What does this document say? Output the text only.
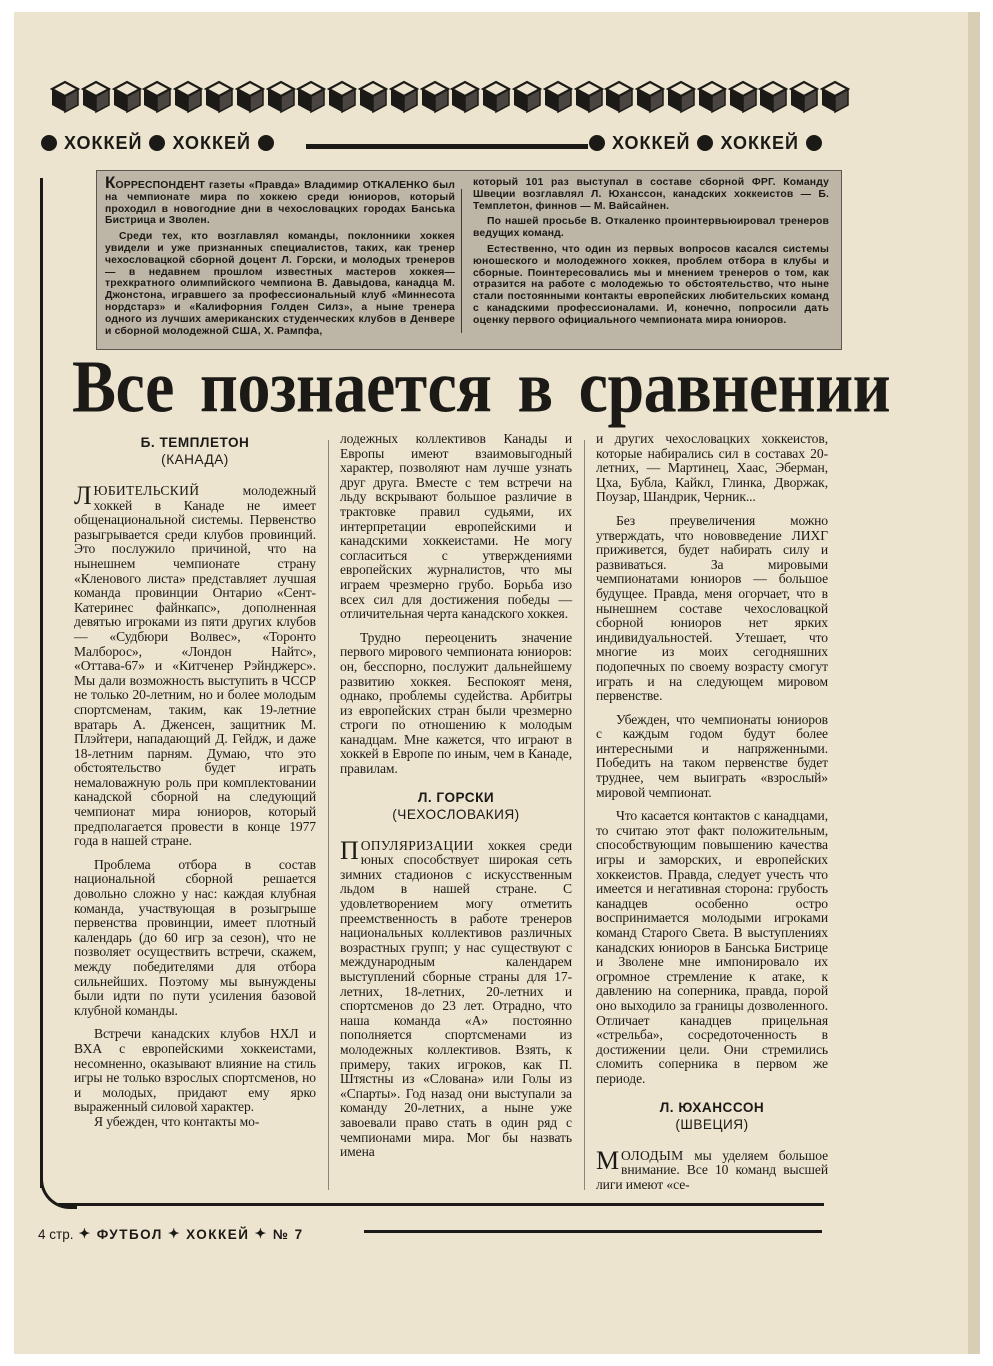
ХОККЕЙ ХОККЕЙ	ХОККЕЙ ХОККЕЙ

КОРРЕСПОНДЕНТ газеты «Правда» Владимир ОТКАЛЕНКО был на чемпионате мира по хоккею среди юниоров, который проходил в новогодние дни в чехословацких городах Банська Бистрица и Зволен.

Среди тех, кто возглавлял команды, поклонники хоккея увидели и уже признанных специалистов, таких, как тренер чехословацкой сборной доцент Л. Горски, и молодых тренеров — в недавнем прошлом известных мастеров хоккея—трехкратного олимпийского чемпиона В. Давыдова, канадца М. Джонстона, игравшего за профессиональный клуб «Миннесота нордстарз» и «Калифорния Голден Силз», а ныне тренера одного из лучших американских студенческих клубов в Денвере и сборной молодежной США, Х. Рампфа,

который 101 раз выступал в составе сборной ФРГ. Команду Швеции возглавлял Л. Юханссон, канадских хоккеистов — Б. Темплетон, финнов — М. Вайсайнен.

По нашей просьбе В. Откаленко проинтервьюировал тренеров ведущих команд.

Естественно, что один из первых вопросов касался системы юношеского и молодежного хоккея, проблем отбора в клубы и сборные. Поинтересовались мы и мнением тренеров о том, как отразится на работе с молодежью то обстоятельство, что ныне стали постоянными контакты европейских любительских команд с канадскими профессионалами. И, конечно, попросили дать оценку первого официального чемпионата мира юниоров.

Все познается в сравнении
Б. ТЕМПЛЕТОН
(КАНАДА)

ЛЮБИТЕЛЬСКИЙ молодежный хоккей в Канаде не имеет общенациональной системы. Первенство разыгрывается среди клубов провинций. Это послужило причиной, что на нынешнем чемпионате страну «Кленового листа» представляет лучшая команда провинции Онтарио «Сент-Катеринес файнкапс», дополненная девятью игроками из пяти других клубов — «Судбюри Волвес», «Торонто Малборос», «Лондон Найтс», «Оттава-67» и «Китченер Рэйнджерс». Мы дали возможность выступить в ЧССР не только 20-летним, но и более молодым спортсменам, таким, как 19-летние вратарь А. Дженсен, защитник М. Плэйтери, нападающий Д. Гейдж, и даже 18-летним парням. Думаю, что это обстоятельство будет играть немаловажную роль при комплектовании канадской сборной на следующий чемпионат мира юниоров, который предполагается провести в конце 1977 года в нашей стране.

Проблема отбора в состав национальной сборной решается довольно сложно у нас: каждая клубная команда, участвующая в розыгрыше первенства провинции, имеет плотный календарь (до 60 игр за сезон), что не позволяет осуществить встречи, скажем, между победителями для отбора сильнейших. Поэтому мы вынуждены были идти по пути усиления базовой клубной команды.

Встречи канадских клубов НХЛ и ВХА с европейскими хоккеистами, несомненно, оказывают влияние на стиль игры не только взрослых спортсменов, но и молодых, придают ему ярко выраженный силовой характер.

Я убежден, что контакты мо-

лодежных коллективов Канады и Европы имеют взаимовыгодный характер, позволяют нам лучше узнать друг друга. Вместе с тем встречи на льду вскрывают большое различие в трактовке правил судьями, их интерпретации европейскими и канадскими хоккеистами. Не могу согласиться с утверждениями европейских журналистов, что мы играем чрезмерно грубо. Борьба изо всех сил для достижения победы — отличительная черта канадского хоккея.

Трудно переоценить значение первого мирового чемпионата юниоров: он, бесспорно, послужит дальнейшему развитию хоккея. Беспокоят меня, однако, проблемы судейства. Арбитры из европейских стран были чрезмерно строги по отношению к молодым канадцам. Мне кажется, что играют в хоккей в Европе по иным, чем в Канаде, правилам.

Л. ГОРСКИ
(ЧЕХОСЛОВАКИЯ)

ПОПУЛЯРИЗАЦИИ хоккея среди юных способствует широкая сеть зимних стадионов с искусственным льдом в нашей стране. С удовлетворением могу отметить преемственность в работе тренеров национальных коллективов различных возрастных групп; у нас существуют с международным календарем выступлений сборные страны для 17-летних, 18-летних, 20-летних и спортсменов до 23 лет. Отрадно, что наша команда «А» постоянно пополняется спортсменами из молодежных коллективов. Взять, к примеру, таких игроков, как П. Штястны из «Слована» или Голы из «Спарты». Год назад они выступали за команду 20-летних, а ныне уже завоевали право стать в один ряд с чемпионами мира. Мог бы назвать имена

и других чехословацких хоккеистов, которые набирались сил в составах 20-летних, — Мартинец, Хаас, Эберман, Цха, Бубла, Кайкл, Глинка, Дворжак, Поузар, Шандрик, Черник...

Без преувеличения можно утверждать, что нововведение ЛИХГ приживется, будет набирать силу и развиваться. За мировыми чемпионатами юниоров — большое будущее. Правда, меня огорчает, что в нынешнем составе чехословацкой сборной юниоров нет ярких индивидуальностей. Утешает, что многие из моих сегодняшних подопечных по своему возрасту смогут играть и на следующем мировом первенстве.

Убежден, что чемпионаты юниоров с каждым годом будут более интересными и напряженными. Победить на таком первенстве будет труднее, чем выиграть «взрослый» мировой чемпионат.

Что касается контактов с канадцами, то считаю этот факт положительным, способствующим повышению качества игры и заморских, и европейских хоккеистов. Правда, следует учесть что имеется и негативная сторона: грубость канадцев особенно остро воспринимается молодыми игроками команд Старого Света. В выступлениях канадских юниоров в Банська Бистрице и Зволене мне импонировало их огромное стремление к атаке, к давлению на соперника, правда, порой оно выходило за границы дозволенного. Отличает канадцев прицельная «стрельба», сосредоточенность в достижении цели. Они стремились сломить соперника в первом же периоде.

Л. ЮХАНССОН
(ШВЕЦИЯ)

МОЛОДЫМ мы уделяем большое внимание. Все 10 команд высшей лиги имеют «се-

4 стр.
✦
ФУТБОЛ
✦
ХОККЕЙ
✦
№ 7
